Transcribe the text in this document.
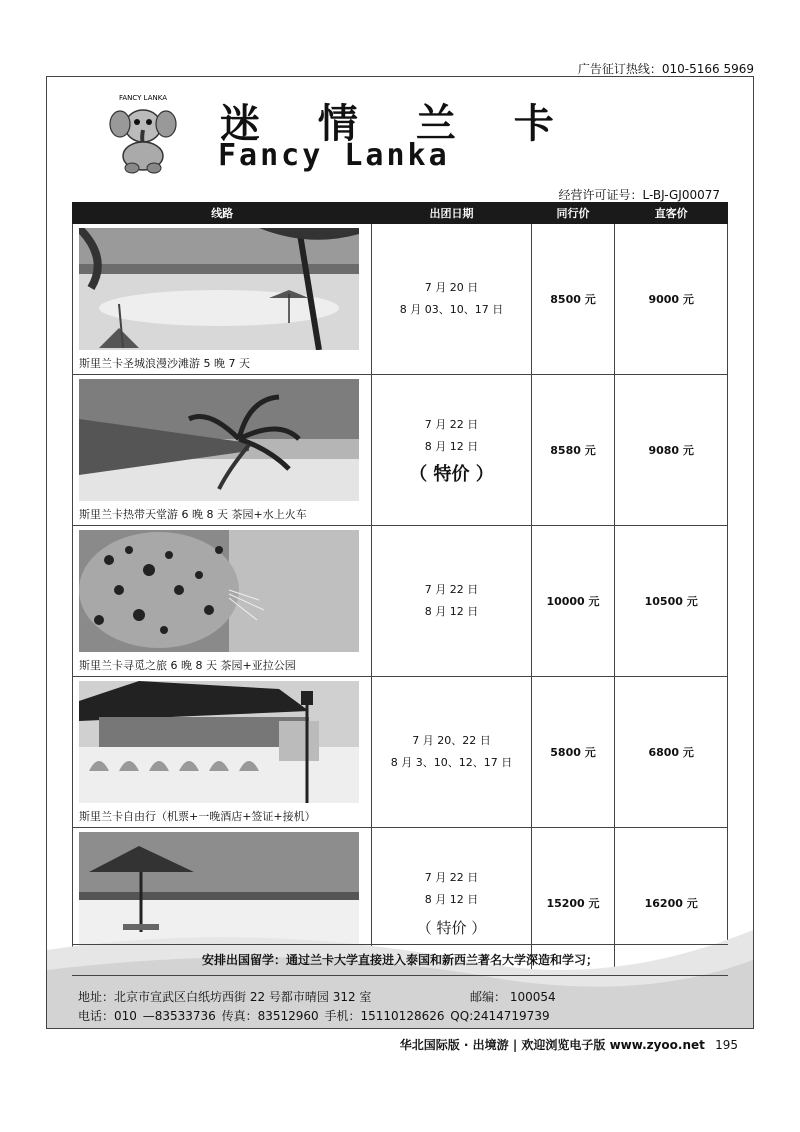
广告征订热线：010-5166 5969
FANCY LANKA
迷 情 兰 卡
Fancy Lanka
经营许可证号：L-BJ-GJ00077
线路	出团日期	同行价	直客价

斯里兰卡圣城浪漫沙滩游 5 晚 7 天	7 月 20 日
8 月 03、10、17 日	8500 元	9000 元

斯里兰卡热带天堂游 6 晚 8 天 茶园+水上火车	7 月 22 日
8 月 12 日
（ 特价 ）	8580 元	9080 元

斯里兰卡寻觅之旅 6 晚 8 天 茶园+亚拉公园	7 月 22 日
8 月 12 日	10000 元	10500 元

斯里兰卡自由行（机票+一晚酒店+签证+接机）	7 月 20、22 日
8 月 3、10、12、17 日	5800 元	6800 元

7 月 22 日
8 月 12 日
（ 特价 ）	15200 元	16200 元
安排出国留学：通过兰卡大学直接进入泰国和新西兰著名大学深造和学习；
地址：北京市宣武区白纸坊西街 22 号都市晴园 312 室	邮编： 100054
电话：010 —83533736 传真：83512960 手机：15110128626 QQ:2414719739
华北国际版 · 出境游 | 欢迎浏览电子版 www.zyoo.net 195
